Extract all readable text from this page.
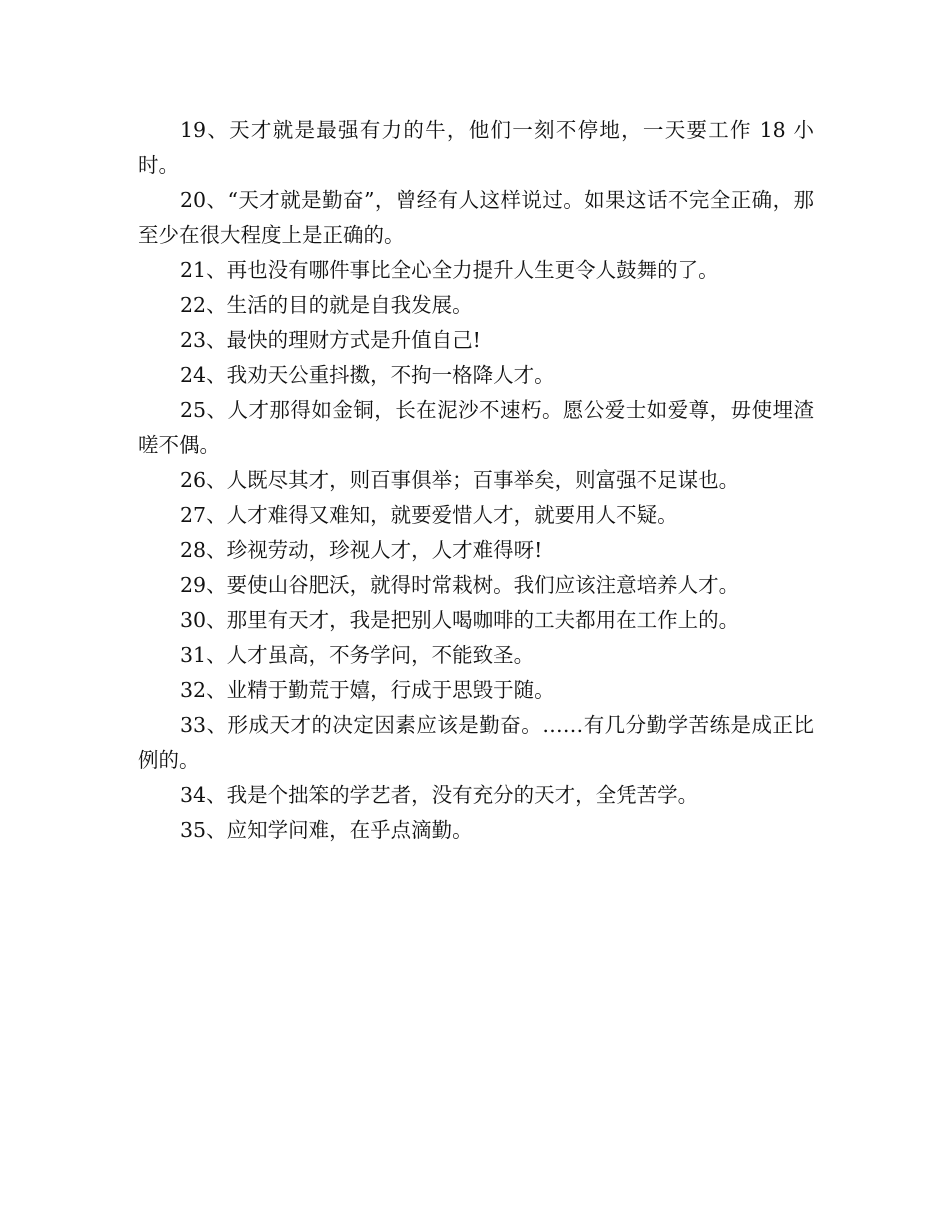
19、天才就是最强有力的牛，他们一刻不停地，一天要工作 18 小时。

20、“天才就是勤奋”，曾经有人这样说过。如果这话不完全正确，那至少在很大程度上是正确的。

21、再也没有哪件事比全心全力提升人生更令人鼓舞的了。

22、生活的目的就是自我发展。

23、最快的理财方式是升值自己!

24、我劝天公重抖擞，不拘一格降人才。

25、人才那得如金铜，长在泥沙不速朽。愿公爱士如爱尊，毋使埋渣嗟不偶。

26、人既尽其才，则百事俱举；百事举矣，则富强不足谋也。

27、人才难得又难知，就要爱惜人才，就要用人不疑。

28、珍视劳动，珍视人才，人才难得呀!

29、要使山谷肥沃，就得时常栽树。我们应该注意培养人才。

30、那里有天才，我是把别人喝咖啡的工夫都用在工作上的。

31、人才虽高，不务学问，不能致圣。

32、业精于勤荒于嬉，行成于思毁于随。

33、形成天才的决定因素应该是勤奋。……有几分勤学苦练是成正比例的。

34、我是个拙笨的学艺者，没有充分的天才，全凭苦学。

35、应知学问难，在乎点滴勤。
